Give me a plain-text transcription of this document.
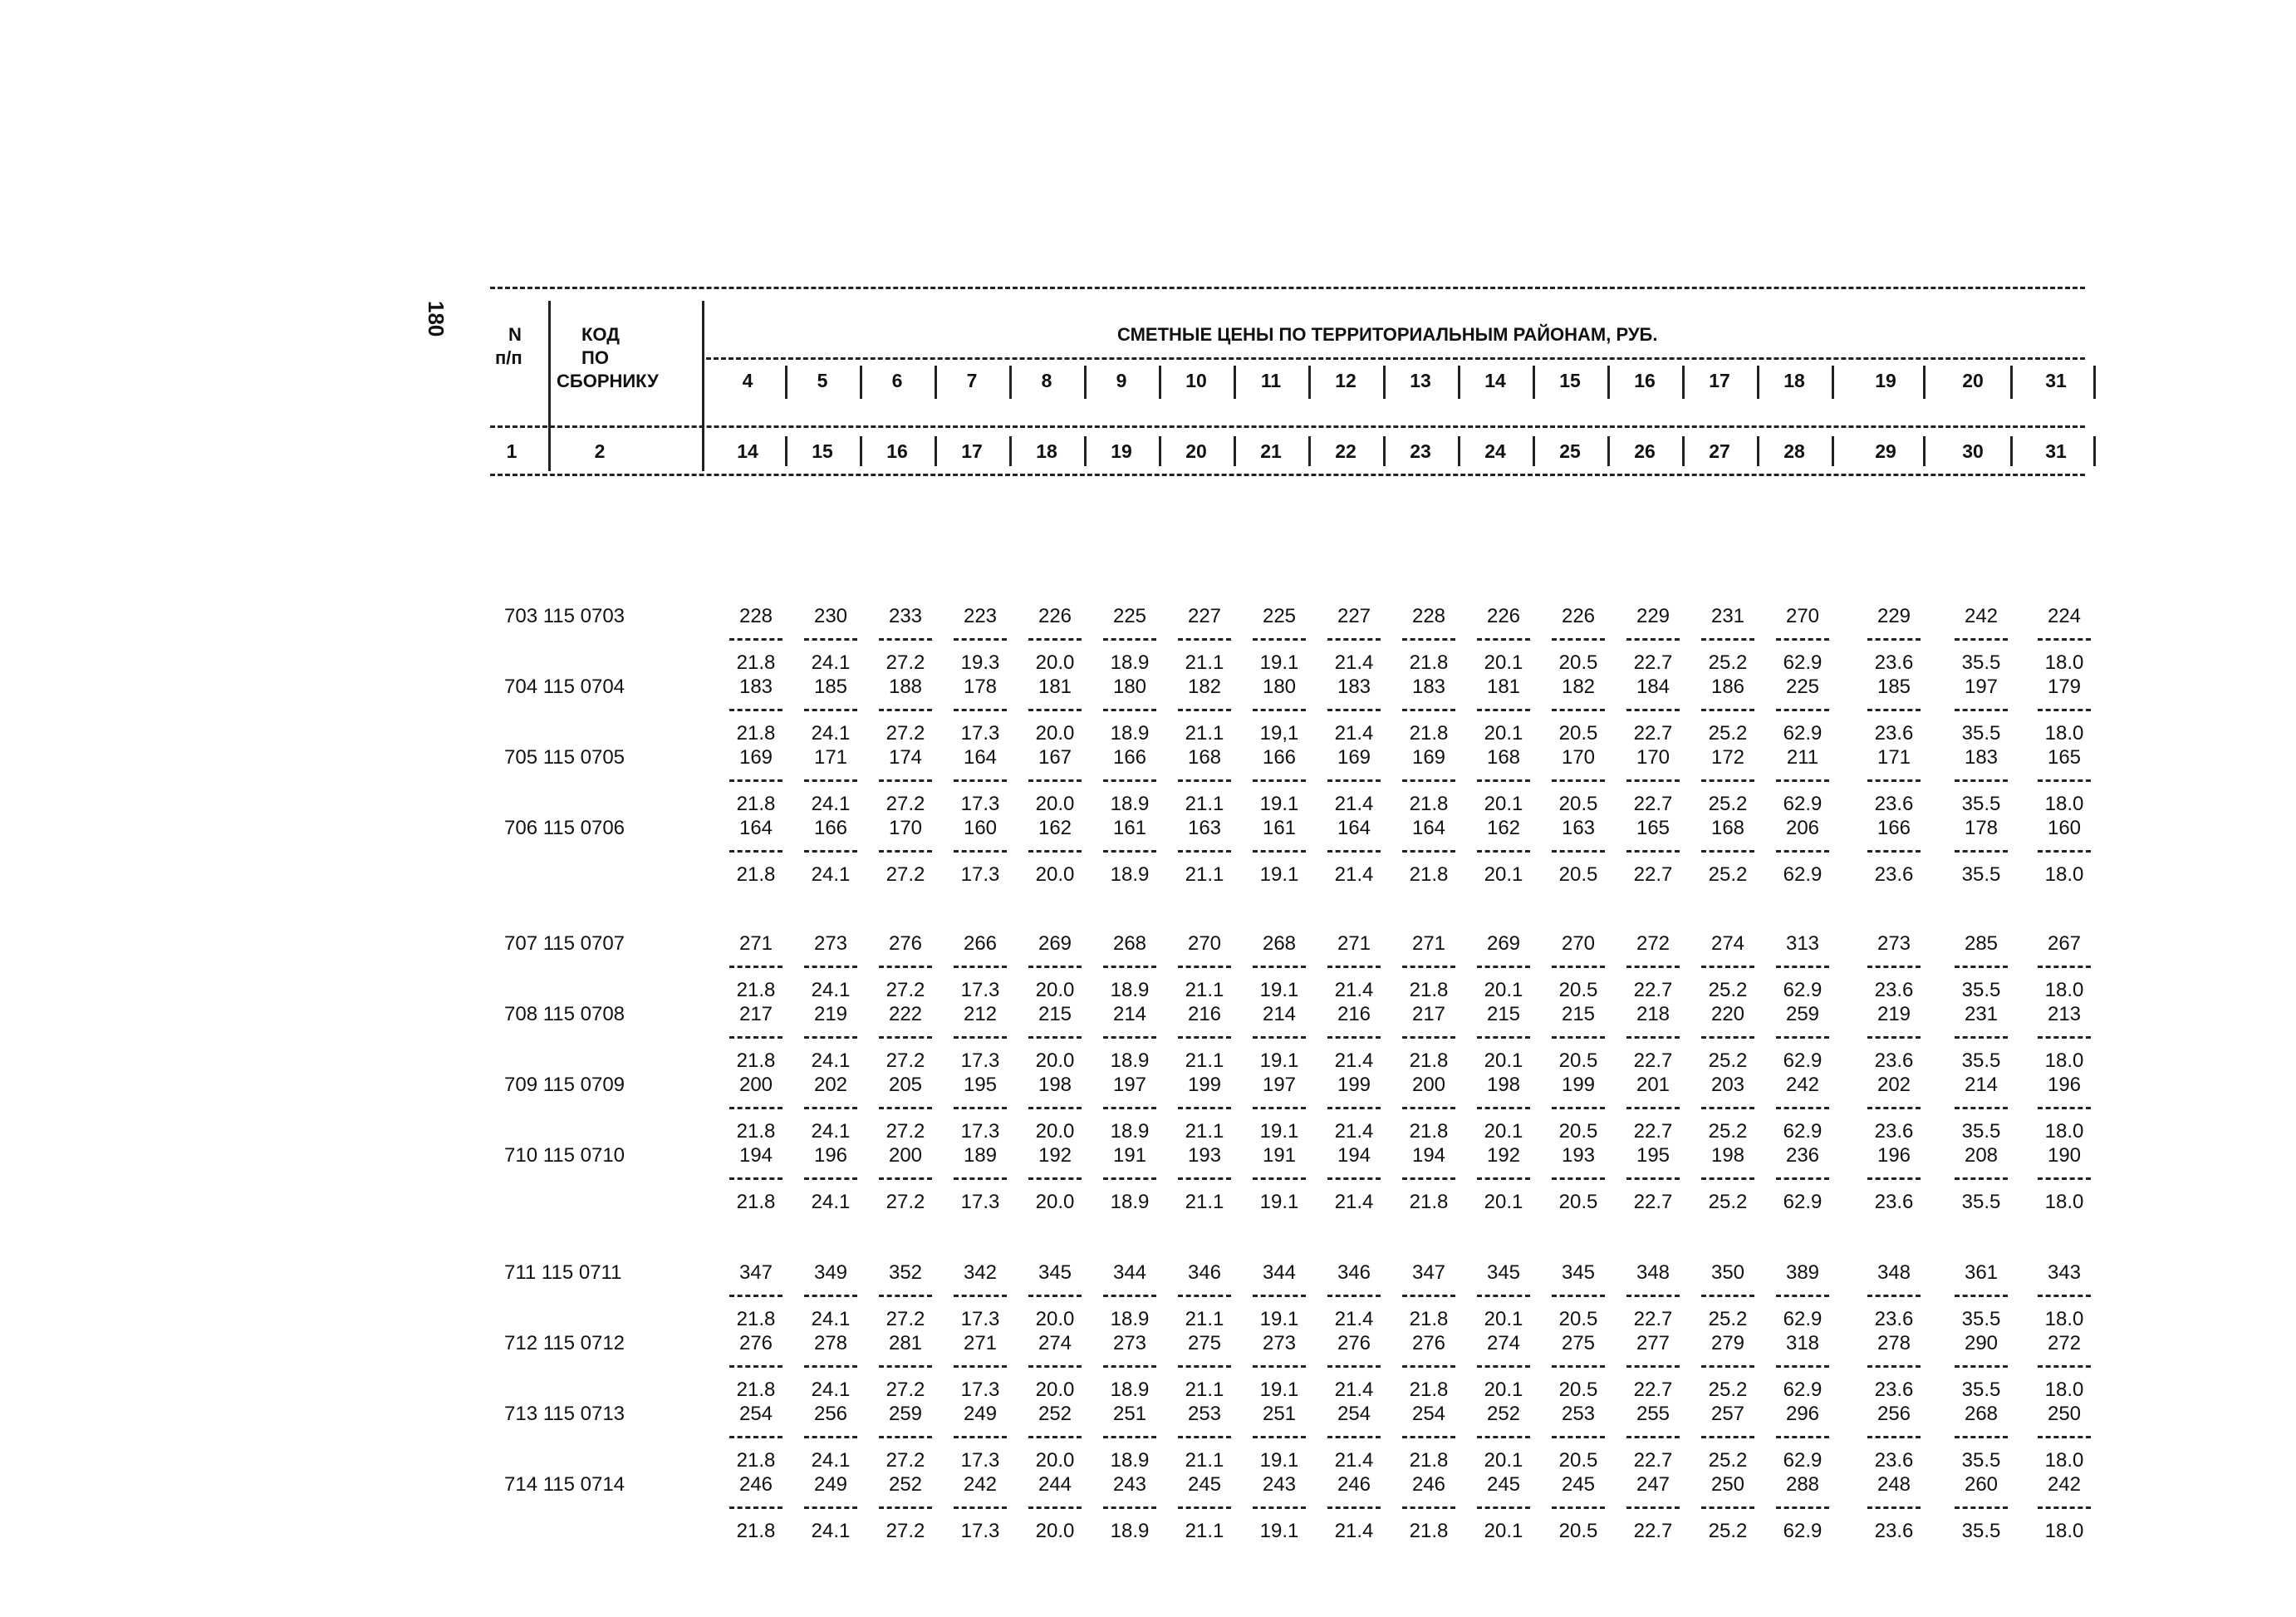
180	N
п/п
КОД
ПО
СБОРНИКУ
СМЕТНЫЕ ЦЕНЫ ПО ТЕРРИТОРИАЛЬНЫМ РАЙОНАМ, РУБ.
4	5	6	7	8	9	10	11	12	13	14	15	16	17	18	19	20	31
1	2	14	15	16	17	18	19	20	21	22	23	24	25	26	27	28	29	30	31
703 115 0703	228	230	233	223	226	225	227	225	227	228	226	226	229	231	270	229	242	224
21.8	24.1	27.2	19.3	20.0	18.9	21.1	19.1	21.4	21.8	20.1	20.5	22.7	25.2	62.9	23.6	35.5	18.0
704 115 0704	183	185	188	178	181	180	182	180	183	183	181	182	184	186	225	185	197	179
21.8	24.1	27.2	17.3	20.0	18.9	21.1	19,1	21.4	21.8	20.1	20.5	22.7	25.2	62.9	23.6	35.5	18.0
705 115 0705	169	171	174	164	167	166	168	166	169	169	168	170	170	172	211	171	183	165
21.8	24.1	27.2	17.3	20.0	18.9	21.1	19.1	21.4	21.8	20.1	20.5	22.7	25.2	62.9	23.6	35.5	18.0
706 115 0706	164	166	170	160	162	161	163	161	164	164	162	163	165	168	206	166	178	160
21.8	24.1	27.2	17.3	20.0	18.9	21.1	19.1	21.4	21.8	20.1	20.5	22.7	25.2	62.9	23.6	35.5	18.0
707 115 0707	271	273	276	266	269	268	270	268	271	271	269	270	272	274	313	273	285	267
21.8	24.1	27.2	17.3	20.0	18.9	21.1	19.1	21.4	21.8	20.1	20.5	22.7	25.2	62.9	23.6	35.5	18.0
708 115 0708	217	219	222	212	215	214	216	214	216	217	215	215	218	220	259	219	231	213
21.8	24.1	27.2	17.3	20.0	18.9	21.1	19.1	21.4	21.8	20.1	20.5	22.7	25.2	62.9	23.6	35.5	18.0
709 115 0709	200	202	205	195	198	197	199	197	199	200	198	199	201	203	242	202	214	196
21.8	24.1	27.2	17.3	20.0	18.9	21.1	19.1	21.4	21.8	20.1	20.5	22.7	25.2	62.9	23.6	35.5	18.0
710 115 0710	194	196	200	189	192	191	193	191	194	194	192	193	195	198	236	196	208	190
21.8	24.1	27.2	17.3	20.0	18.9	21.1	19.1	21.4	21.8	20.1	20.5	22.7	25.2	62.9	23.6	35.5	18.0
711 115 0711	347	349	352	342	345	344	346	344	346	347	345	345	348	350	389	348	361	343
21.8	24.1	27.2	17.3	20.0	18.9	21.1	19.1	21.4	21.8	20.1	20.5	22.7	25.2	62.9	23.6	35.5	18.0
712 115 0712	276	278	281	271	274	273	275	273	276	276	274	275	277	279	318	278	290	272
21.8	24.1	27.2	17.3	20.0	18.9	21.1	19.1	21.4	21.8	20.1	20.5	22.7	25.2	62.9	23.6	35.5	18.0
713 115 0713	254	256	259	249	252	251	253	251	254	254	252	253	255	257	296	256	268	250
21.8	24.1	27.2	17.3	20.0	18.9	21.1	19.1	21.4	21.8	20.1	20.5	22.7	25.2	62.9	23.6	35.5	18.0
714 115 0714	246	249	252	242	244	243	245	243	246	246	245	245	247	250	288	248	260	242
21.8	24.1	27.2	17.3	20.0	18.9	21.1	19.1	21.4	21.8	20.1	20.5	22.7	25.2	62.9	23.6	35.5	18.0
